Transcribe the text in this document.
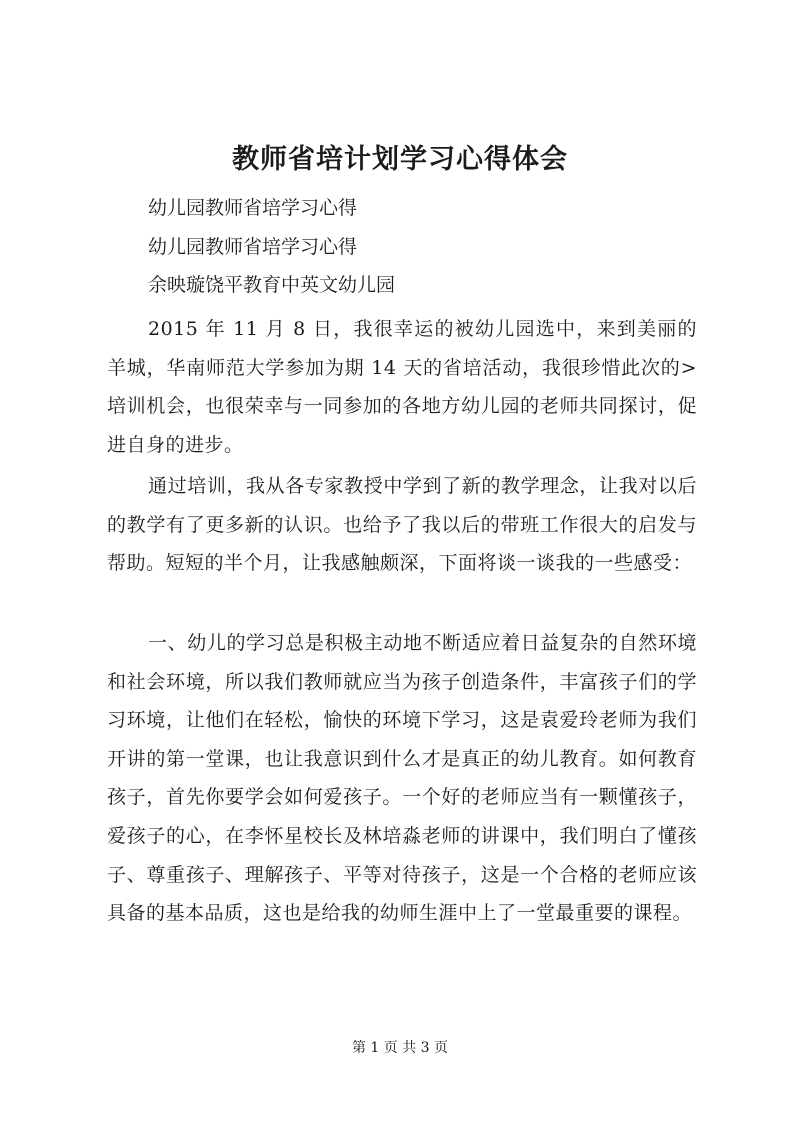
教师省培计划学习心得体会

幼儿园教师省培学习心得

幼儿园教师省培学习心得

余映璇饶平教育中英文幼儿园

2015 年 11 月 8 日，我很幸运的被幼儿园选中，来到美丽的羊城，华南师范大学参加为期 14 天的省培活动，我很珍惜此次的>培训机会，也很荣幸与一同参加的各地方幼儿园的老师共同探讨，促进自身的进步。

通过培训，我从各专家教授中学到了新的教学理念，让我对以后的教学有了更多新的认识。也给予了我以后的带班工作很大的启发与帮助。短短的半个月，让我感触颇深，下面将谈一谈我的一些感受：

一、幼儿的学习总是积极主动地不断适应着日益复杂的自然环境和社会环境，所以我们教师就应当为孩子创造条件，丰富孩子们的学习环境，让他们在轻松，愉快的环境下学习，这是袁爱玲老师为我们开讲的第一堂课，也让我意识到什么才是真正的幼儿教育。如何教育孩子，首先你要学会如何爱孩子。一个好的老师应当有一颗懂孩子，爱孩子的心，在李怀星校长及林培淼老师的讲课中，我们明白了懂孩子、尊重孩子、理解孩子、平等对待孩子，这是一个合格的老师应该具备的基本品质，这也是给我的幼师生涯中上了一堂最重要的课程。

第 1 页 共 3 页
